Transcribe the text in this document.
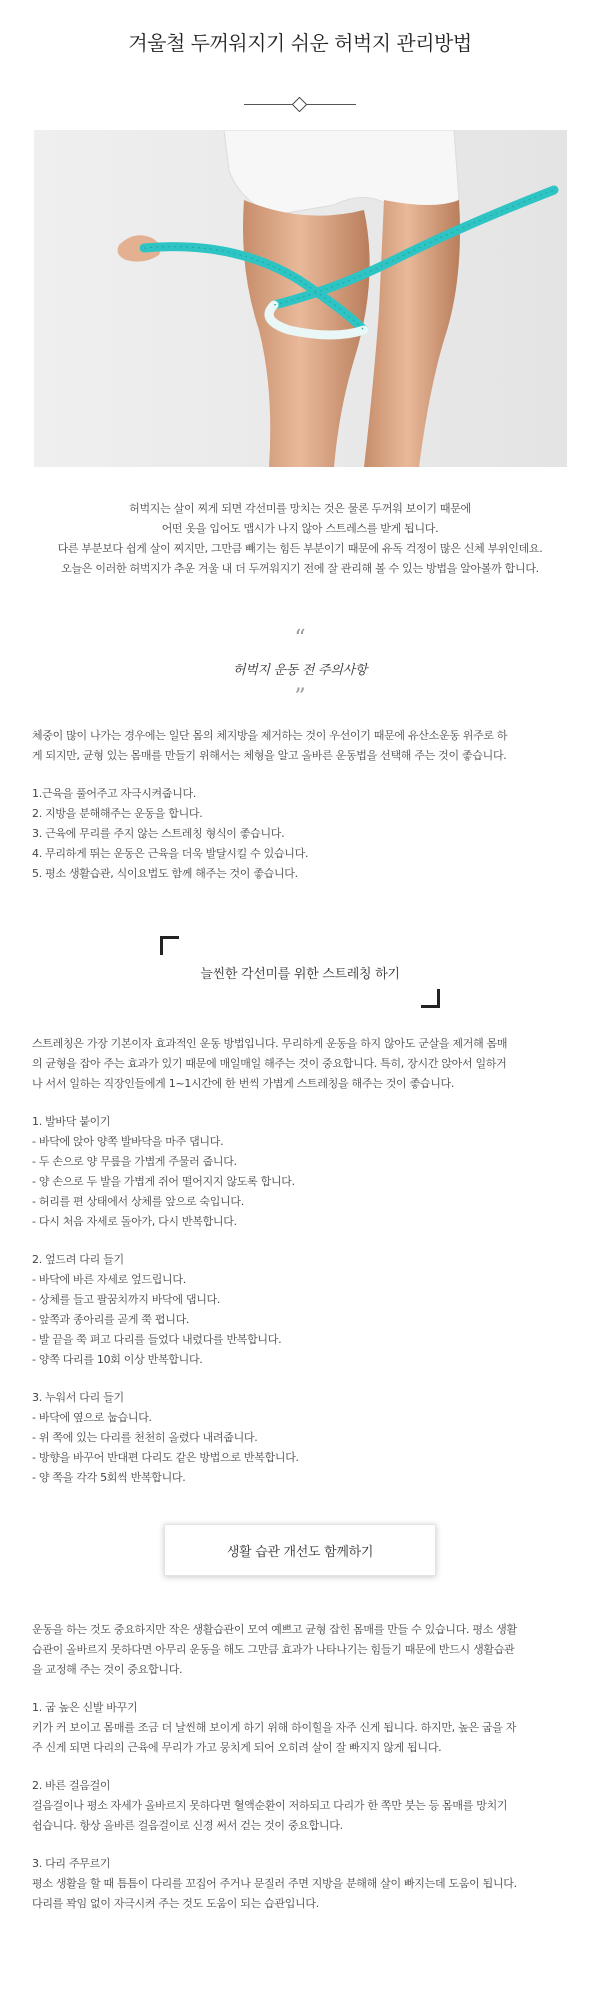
겨울철 두꺼워지기 쉬운 허벅지 관리방법

허벅지는 살이 찌게 되면 각선미를 망치는 것은 물론 두꺼워 보이기 때문에

어떤 옷을 입어도 맵시가 나지 않아 스트레스를 받게 됩니다.

다른 부분보다 쉽게 살이 찌지만, 그만큼 빼기는 힘든 부분이기 때문에 유독 걱정이 많은 신체 부위인데요.

오늘은 이러한 허벅지가 추운 겨울 내 더 두꺼워지기 전에 잘 관리해 볼 수 있는 방법을 알아볼까 합니다.

“
허벅지 운동 전 주의사항
”

체중이 많이 나가는 경우에는 일단 몸의 체지방을 제거하는 것이 우선이기 때문에 유산소운동 위주로 하

게 되지만, 균형 있는 몸매를 만들기 위해서는 체형을 알고 올바른 운동법을 선택해 주는 것이 좋습니다.

1.근육을 풀어주고 자극시켜줍니다.

2. 지방을 분해해주는 운동을 합니다.

3. 근육에 무리를 주지 않는 스트레칭 형식이 좋습니다.

4. 무리하게 뛰는 운동은 근육을 더욱 발달시킬 수 있습니다.

5. 평소 생활습관, 식이요법도 함께 해주는 것이 좋습니다.

늘씬한 각선미를 위한 스트레칭 하기

스트레칭은 가장 기본이자 효과적인 운동 방법입니다. 무리하게 운동을 하지 않아도 군살을 제거해 몸매

의 균형을 잡아 주는 효과가 있기 때문에 매일매일 해주는 것이 중요합니다. 특히, 장시간 앉아서 일하거

나 서서 일하는 직장인들에게 1~1시간에 한 번씩 가볍게 스트레칭을 해주는 것이 좋습니다.

1. 발바닥 붙이기

- 바닥에 앉아 양쪽 발바닥을 마주 댑니다.

- 두 손으로 양 무릎을 가볍게 주물러 줍니다.

- 양 손으로 두 발을 가볍게 쥐어 떨어지지 않도록 합니다.

- 허리를 편 상태에서 상체를 앞으로 숙입니다.

- 다시 처음 자세로 돌아가, 다시 반복합니다.

2. 엎드려 다리 들기

- 바닥에 바른 자세로 엎드립니다.

- 상체를 들고 팔꿈치까지 바닥에 댑니다.

- 앞쪽과 종아리를 곧게 쭉 폅니다.

- 발 끝을 쭉 펴고 다리를 들었다 내렸다를 반복합니다.

- 양쪽 다리를 10회 이상 반복합니다.

3. 누워서 다리 들기

- 바닥에 옆으로 눕습니다.

- 위 쪽에 있는 다리를 천천히 올렸다 내려줍니다.

- 방향을 바꾸어 반대편 다리도 같은 방법으로 반복합니다.

- 양 쪽을 각각 5회씩 반복합니다.

생활 습관 개선도 함께하기

운동을 하는 것도 중요하지만 작은 생활습관이 모여 예쁘고 균형 잡힌 몸매를 만들 수 있습니다. 평소 생활

습관이 올바르지 못하다면 아무리 운동을 해도 그만큼 효과가 나타나기는 힘들기 때문에 반드시 생활습관

을 교정해 주는 것이 중요합니다.

1. 굽 높은 신발 바꾸기

키가 커 보이고 몸매를 조금 더 날씬해 보이게 하기 위해 하이힐을 자주 신게 됩니다. 하지만, 높은 굽을 자

주 신게 되면 다리의 근육에 무리가 가고 뭉치게 되어 오히려 살이 잘 빠지지 않게 됩니다.

2. 바른 걸음걸이

걸음걸이나 평소 자세가 올바르지 못하다면 혈액순환이 저하되고 다리가 한 쪽만 붓는 등 몸매를 망치기

쉽습니다. 항상 올바른 걸음걸이로 신경 써서 걷는 것이 중요합니다.

3. 다리 주무르기

평소 생활을 할 때 틈틈이 다리를 꼬집어 주거나 문질러 주면 지방을 분해해 살이 빠지는데 도움이 됩니다.

다리를 꽉임 없이 자극시켜 주는 것도 도움이 되는 습관입니다.
